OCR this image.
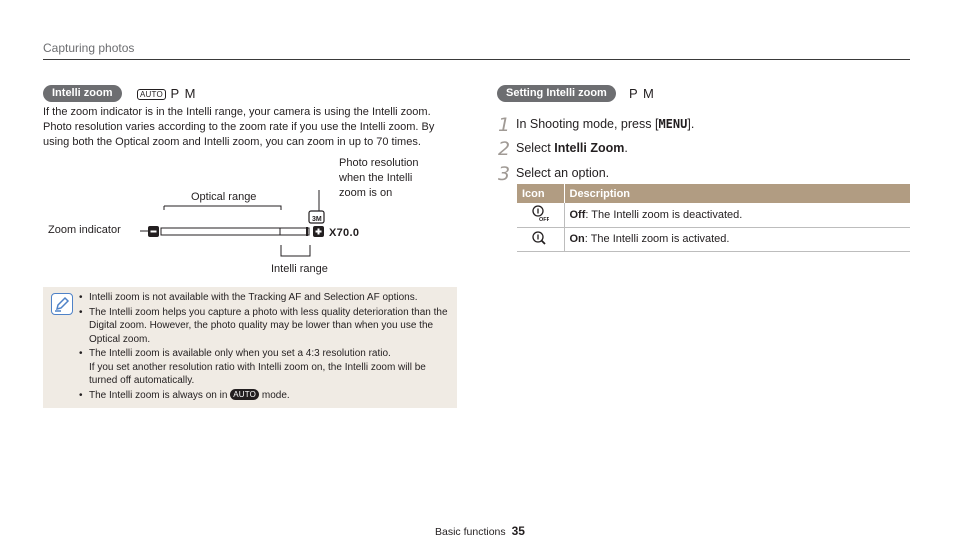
Capturing photos
Intelli zoom	AUTO P M
If the zoom indicator is in the Intelli range, your camera is using the Intelli zoom. Photo resolution varies according to the zoom rate if you use the Intelli zoom. By using both the Optical zoom and Intelli zoom, you can zoom in up to 70 times.
Optical range
Zoom indicator
Intelli range
Photo resolution
when the Intelli
zoom is on
3M
X70.0
• Intelli zoom is not available with the Tracking AF and Selection AF options.
• The Intelli zoom helps you capture a photo with less quality deterioration than the Digital zoom. However, the photo quality may be lower than when you use the Optical zoom.
• The Intelli zoom is available only when you set a 4:3 resolution ratio.
If you set another resolution ratio with Intelli zoom on, the Intelli zoom will be turned off automatically.
• The Intelli zoom is always on in AUTO mode.
Setting Intelli zoom	P M
1 In Shooting mode, press [MENU].
2 Select Intelli Zoom.
3 Select an option.
Icon	Description

OFF	Off: The Intelli zoom is deactivated.
	On: The Intelli zoom is activated.
Basic functions 35
